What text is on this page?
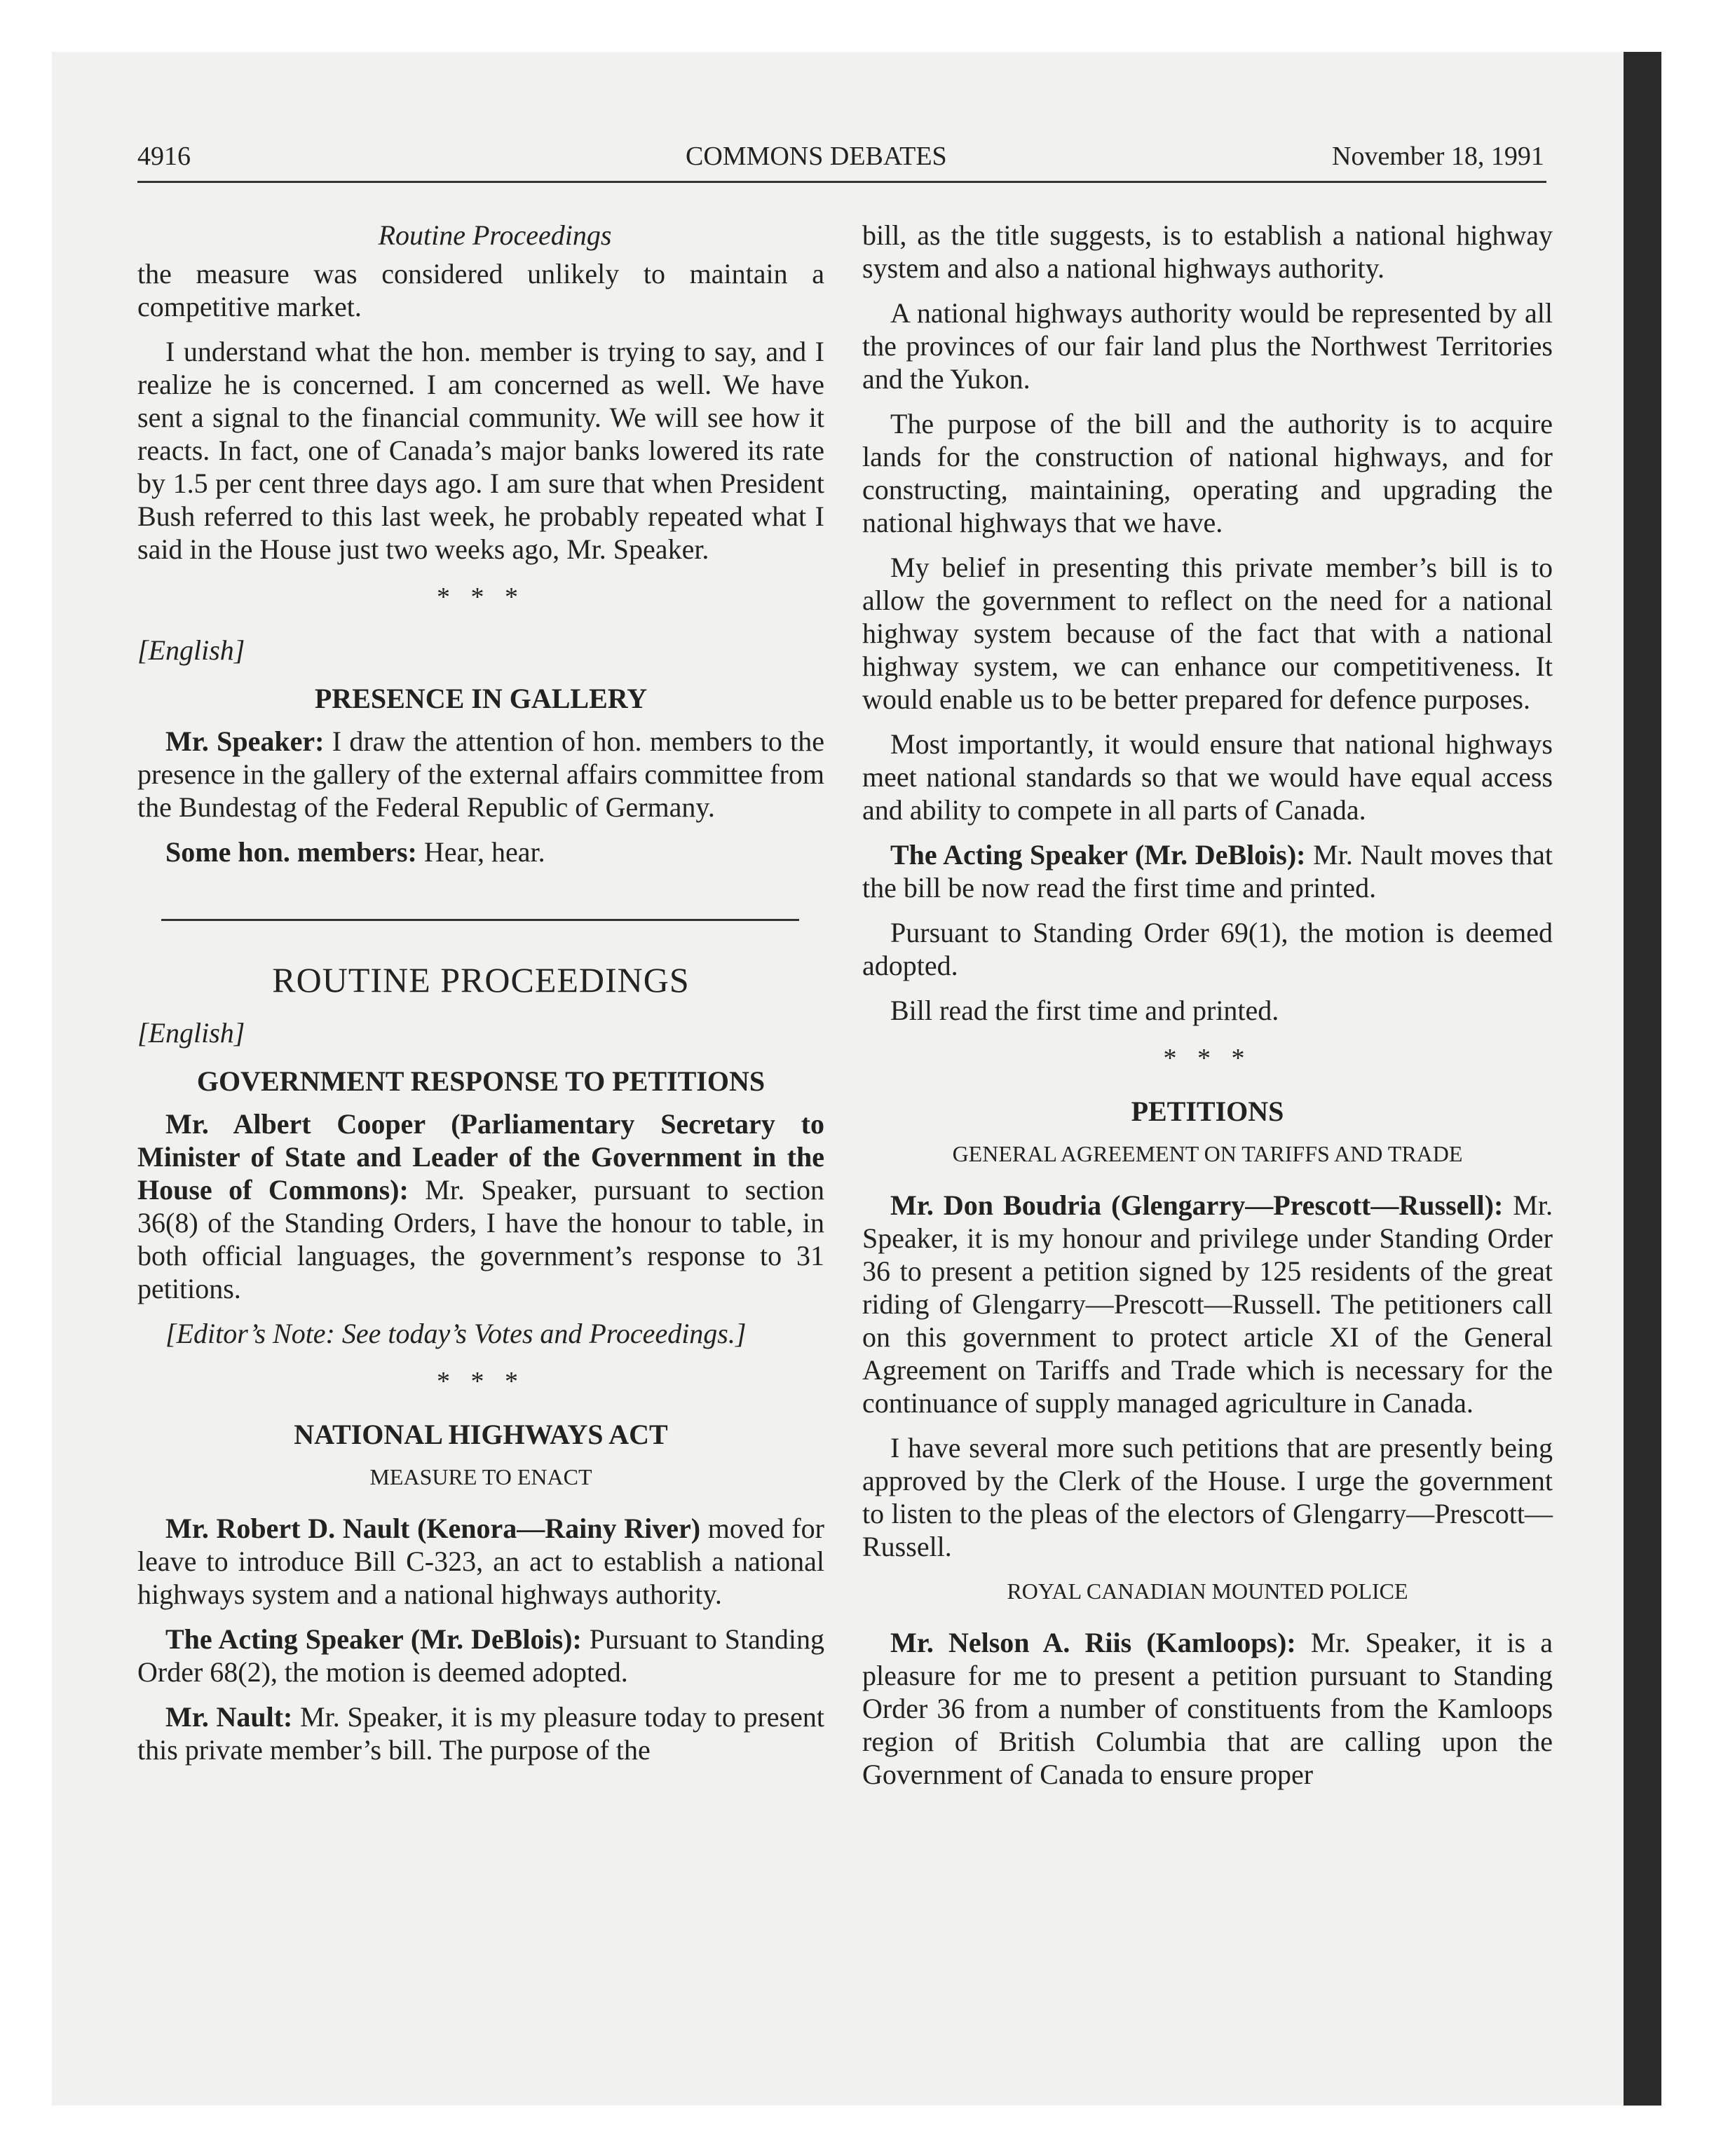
4916	COMMONS DEBATES	November 18, 1991
Routine Proceedings

the measure was considered unlikely to maintain a competitive market.

I understand what the hon. member is trying to say, and I realize he is concerned. I am concerned as well. We have sent a signal to the financial community. We will see how it reacts. In fact, one of Canada’s major banks lowered its rate by 1.5 per cent three days ago. I am sure that when President Bush referred to this last week, he probably repeated what I said in the House just two weeks ago, Mr. Speaker.

* * *
[English]
PRESENCE IN GALLERY

Mr. Speaker: I draw the attention of hon. members to the presence in the gallery of the external affairs committee from the Bundestag of the Federal Republic of Germany.

Some hon. members: Hear, hear.

ROUTINE PROCEEDINGS
[English]
GOVERNMENT RESPONSE TO PETITIONS

Mr. Albert Cooper (Parliamentary Secretary to Minister of State and Leader of the Government in the House of Commons): Mr. Speaker, pursuant to section 36(8) of the Standing Orders, I have the honour to table, in both official languages, the government’s response to 31 petitions.

[Editor’s Note: See today’s Votes and Proceedings.]

* * *
NATIONAL HIGHWAYS ACT
MEASURE TO ENACT

Mr. Robert D. Nault (Kenora—Rainy River) moved for leave to introduce Bill C-323, an act to establish a national highways system and a national highways authority.

The Acting Speaker (Mr. DeBlois): Pursuant to Standing Order 68(2), the motion is deemed adopted.

Mr. Nault: Mr. Speaker, it is my pleasure today to present this private member’s bill. The purpose of the

bill, as the title suggests, is to establish a national highway system and also a national highways authority.

A national highways authority would be represented by all the provinces of our fair land plus the Northwest Territories and the Yukon.

The purpose of the bill and the authority is to acquire lands for the construction of national highways, and for constructing, maintaining, operating and upgrading the national highways that we have.

My belief in presenting this private member’s bill is to allow the government to reflect on the need for a national highway system because of the fact that with a national highway system, we can enhance our competitiveness. It would enable us to be better prepared for defence purposes.

Most importantly, it would ensure that national highways meet national standards so that we would have equal access and ability to compete in all parts of Canada.

The Acting Speaker (Mr. DeBlois): Mr. Nault moves that the bill be now read the first time and printed.

Pursuant to Standing Order 69(1), the motion is deemed adopted.

Bill read the first time and printed.

* * *
PETITIONS
GENERAL AGREEMENT ON TARIFFS AND TRADE

Mr. Don Boudria (Glengarry—Prescott—Russell): Mr. Speaker, it is my honour and privilege under Standing Order 36 to present a petition signed by 125 residents of the great riding of Glengarry—Prescott—Russell. The petitioners call on this government to protect article XI of the General Agreement on Tariffs and Trade which is necessary for the continuance of supply managed agriculture in Canada.

I have several more such petitions that are presently being approved by the Clerk of the House. I urge the government to listen to the pleas of the electors of Glengarry—Prescott—Russell.

ROYAL CANADIAN MOUNTED POLICE

Mr. Nelson A. Riis (Kamloops): Mr. Speaker, it is a pleasure for me to present a petition pursuant to Standing Order 36 from a number of constituents from the Kamloops region of British Columbia that are calling upon the Government of Canada to ensure proper
